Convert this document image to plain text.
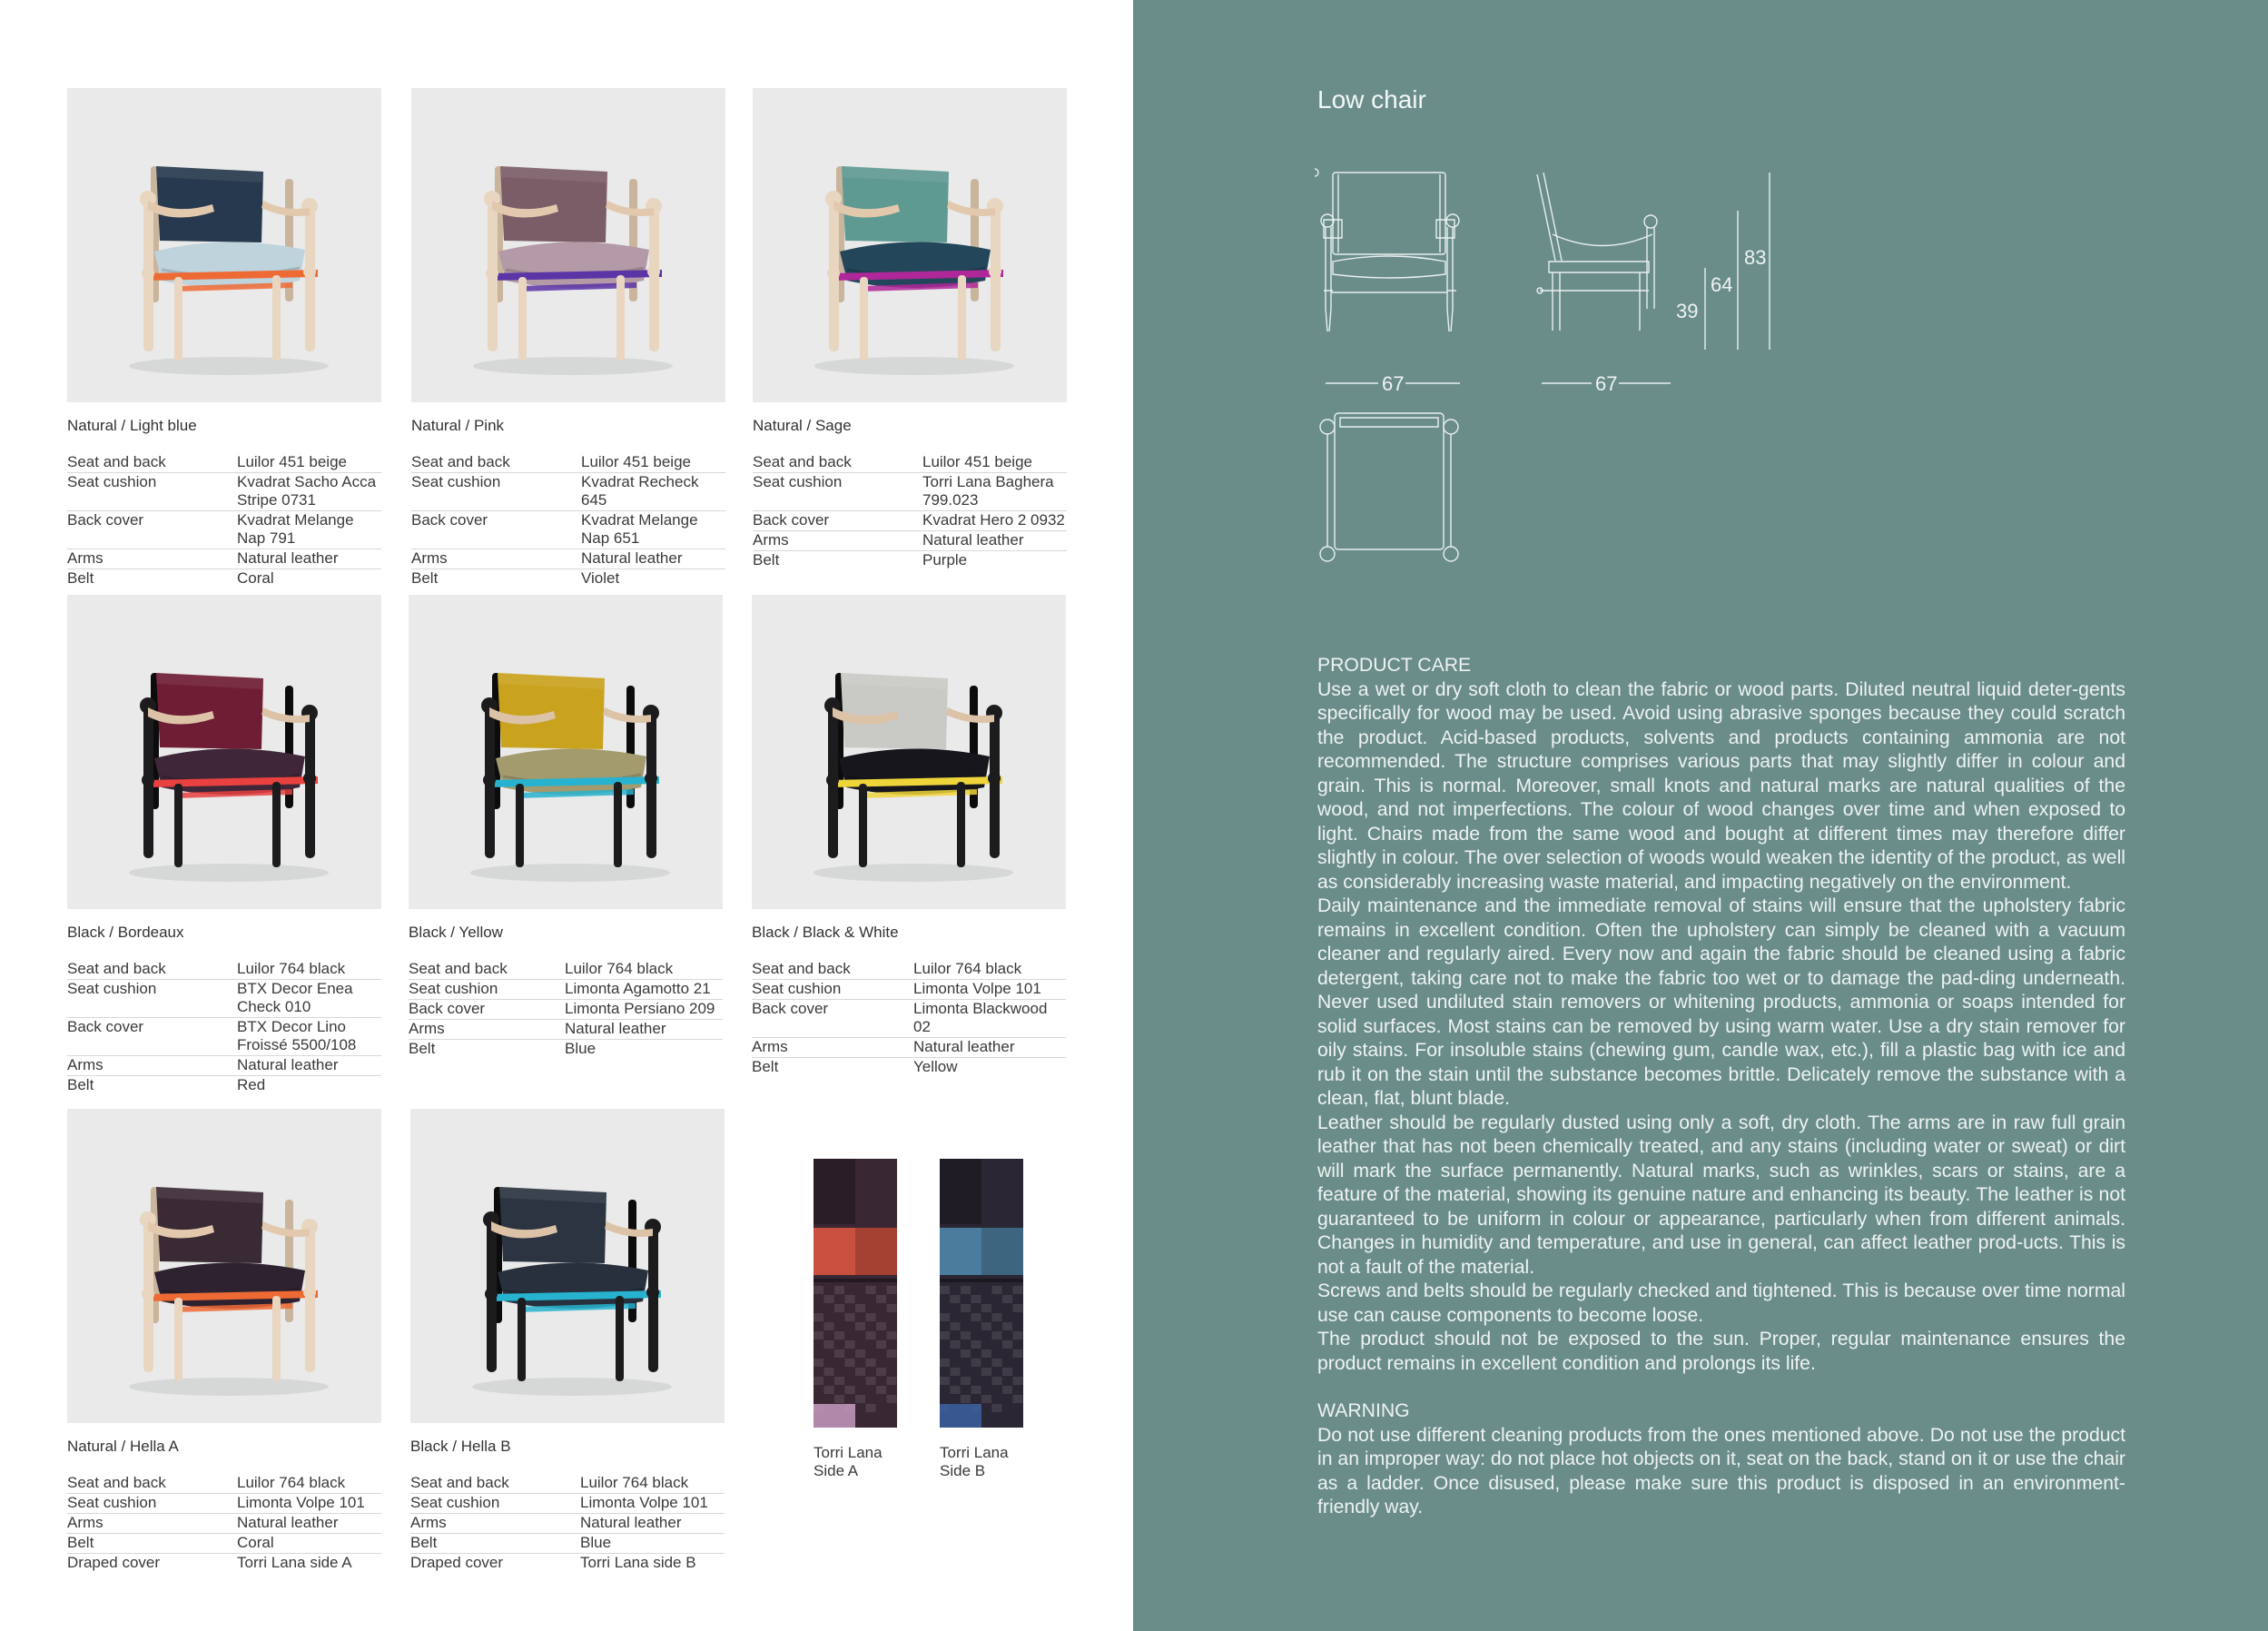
Natural / Light blue
Seat and back	Luilor 451 beige
Seat cushion	Kvadrat Sacho Acca Stripe 0731
Back cover	Kvadrat Melange Nap 791
Arms	Natural leather
Belt	Coral
Natural / Pink
Seat and back	Luilor 451 beige
Seat cushion	Kvadrat Recheck 645
Back cover	Kvadrat Melange Nap 651
Arms	Natural leather
Belt	Violet
Natural / Sage
Seat and back	Luilor 451 beige
Seat cushion	Torri Lana Baghera 799.023
Back cover	Kvadrat Hero 2 0932
Arms	Natural leather
Belt	Purple
Black / Bordeaux
Seat and back	Luilor 764 black
Seat cushion	BTX Decor Enea Check 010
Back cover	BTX Decor Lino Froissé 5500/108
Arms	Natural leather
Belt	Red
Black / Yellow
Seat and back	Luilor 764 black
Seat cushion	Limonta Agamotto 21
Back cover	Limonta Persiano 209
Arms	Natural leather
Belt	Blue
Black / Black & White
Seat and back	Luilor 764 black
Seat cushion	Limonta Volpe 101
Back cover	Limonta Blackwood 02
Arms	Natural leather
Belt	Yellow
Natural / Hella A
Seat and back	Luilor 764 black
Seat cushion	Limonta Volpe 101
Arms	Natural leather
Belt	Coral
Draped cover	Torri Lana side A
Black / Hella B
Seat and back	Luilor 764 black
Seat cushion	Limonta Volpe 101
Arms	Natural leather
Belt	Blue
Draped cover	Torri Lana side B
Torri Lana
Side A
Torri Lana
Side B
Low chair
67	67
39
64
83

PRODUCT CARE

Use a wet or dry soft cloth to clean the fabric or wood parts. Diluted neutral liquid deter-gents specifically for wood may be used. Avoid using abrasive sponges because they could scratch the product. Acid-based products, solvents and products containing ammonia are not recommended. The structure comprises various parts that may slightly differ in colour and grain. This is normal. Moreover, small knots and natural marks are natural qualities of the wood, and not imperfections. The colour of wood changes over time and when exposed to light. Chairs made from the same wood and bought at different times may therefore differ slightly in colour. The over selection of woods would weaken the identity of the product, as well as considerably increasing waste material, and impacting negatively on the environment.

Daily maintenance and the immediate removal of stains will ensure that the upholstery fabric remains in excellent condition. Often the upholstery can simply be cleaned with a vacuum cleaner and regularly aired. Every now and again the fabric should be cleaned using a fabric detergent, taking care not to make the fabric too wet or to damage the pad-ding underneath. Never used undiluted stain removers or whitening products, ammonia or soaps intended for solid surfaces. Most stains can be removed by using warm water. Use a dry stain remover for oily stains. For insoluble stains (chewing gum, candle wax, etc.), fill a plastic bag with ice and rub it on the stain until the substance becomes brittle. Delicately remove the substance with a clean, flat, blunt blade.

Leather should be regularly dusted using only a soft, dry cloth. The arms are in raw full grain leather that has not been chemically treated, and any stains (including water or sweat) or dirt will mark the surface permanently. Natural marks, such as wrinkles, scars or stains, are a feature of the material, showing its genuine nature and enhancing its beauty. The leather is not guaranteed to be uniform in colour or appearance, particularly when from different animals. Changes in humidity and temperature, and use in general, can affect leather prod-ucts. This is not a fault of the material.

Screws and belts should be regularly checked and tightened. This is because over time normal use can cause components to become loose.

The product should not be exposed to the sun. Proper, regular maintenance ensures the product remains in excellent condition and prolongs its life.

WARNING

Do not use different cleaning products from the ones mentioned above. Do not use the product in an improper way: do not place hot objects on it, seat on the back, stand on it or use the chair as a ladder. Once disused, please make sure this product is disposed in an environment-friendly way.
